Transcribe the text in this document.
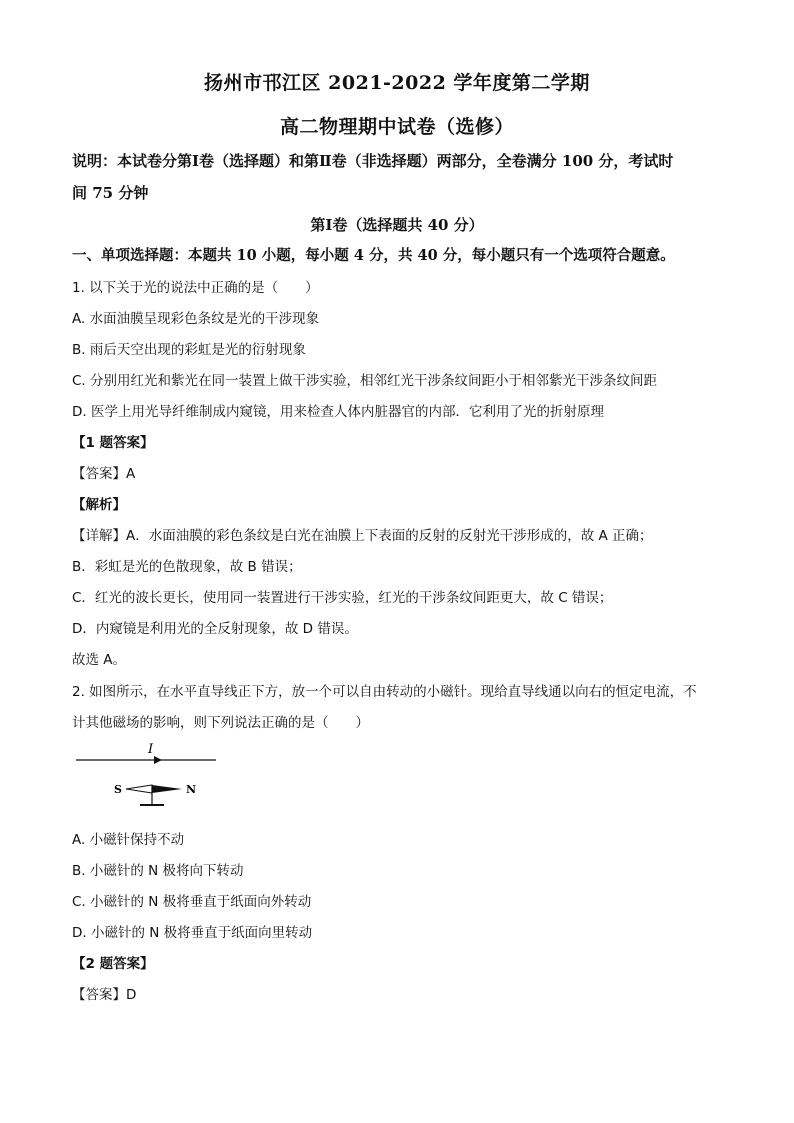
扬州市邗江区 2021-2022 学年度第二学期
高二物理期中试卷（选修）
说明：本试卷分第Ⅰ卷（选择题）和第Ⅱ卷（非选择题）两部分，全卷满分 100 分，考试时
间 75 分钟
第Ⅰ卷（选择题共 40 分）
一、单项选择题：本题共 10 小题，每小题 4 分，共 40 分，每小题只有一个选项符合题意。
1. 以下关于光的说法中正确的是（　　）
A. 水面油膜呈现彩色条纹是光的干涉现象
B. 雨后天空出现的彩虹是光的衍射现象
C. 分别用红光和紫光在同一装置上做干涉实验，相邻红光干涉条纹间距小于相邻紫光干涉条纹间距
D. 医学上用光导纤维制成内窥镜，用来检查人体内脏器官的内部．它利用了光的折射原理
【1 题答案】
【答案】A
【解析】
【详解】A．水面油膜的彩色条纹是白光在油膜上下表面的反射的反射光干涉形成的，故 A 正确；
B．彩虹是光的色散现象，故 B 错误；
C．红光的波长更长，使用同一装置进行干涉实验，红光的干涉条纹间距更大，故 C 错误；
D．内窥镜是利用光的全反射现象，故 D 错误。
故选 A。
2. 如图所示，在水平直导线正下方，放一个可以自由转动的小磁针。现给直导线通以向右的恒定电流，不
计其他磁场的影响，则下列说法正确的是（　　）
I
S	N
A. 小磁针保持不动
B. 小磁针的 N 极将向下转动
C. 小磁针的 N 极将垂直于纸面向外转动
D. 小磁针的 N 极将垂直于纸面向里转动
【2 题答案】
【答案】D
